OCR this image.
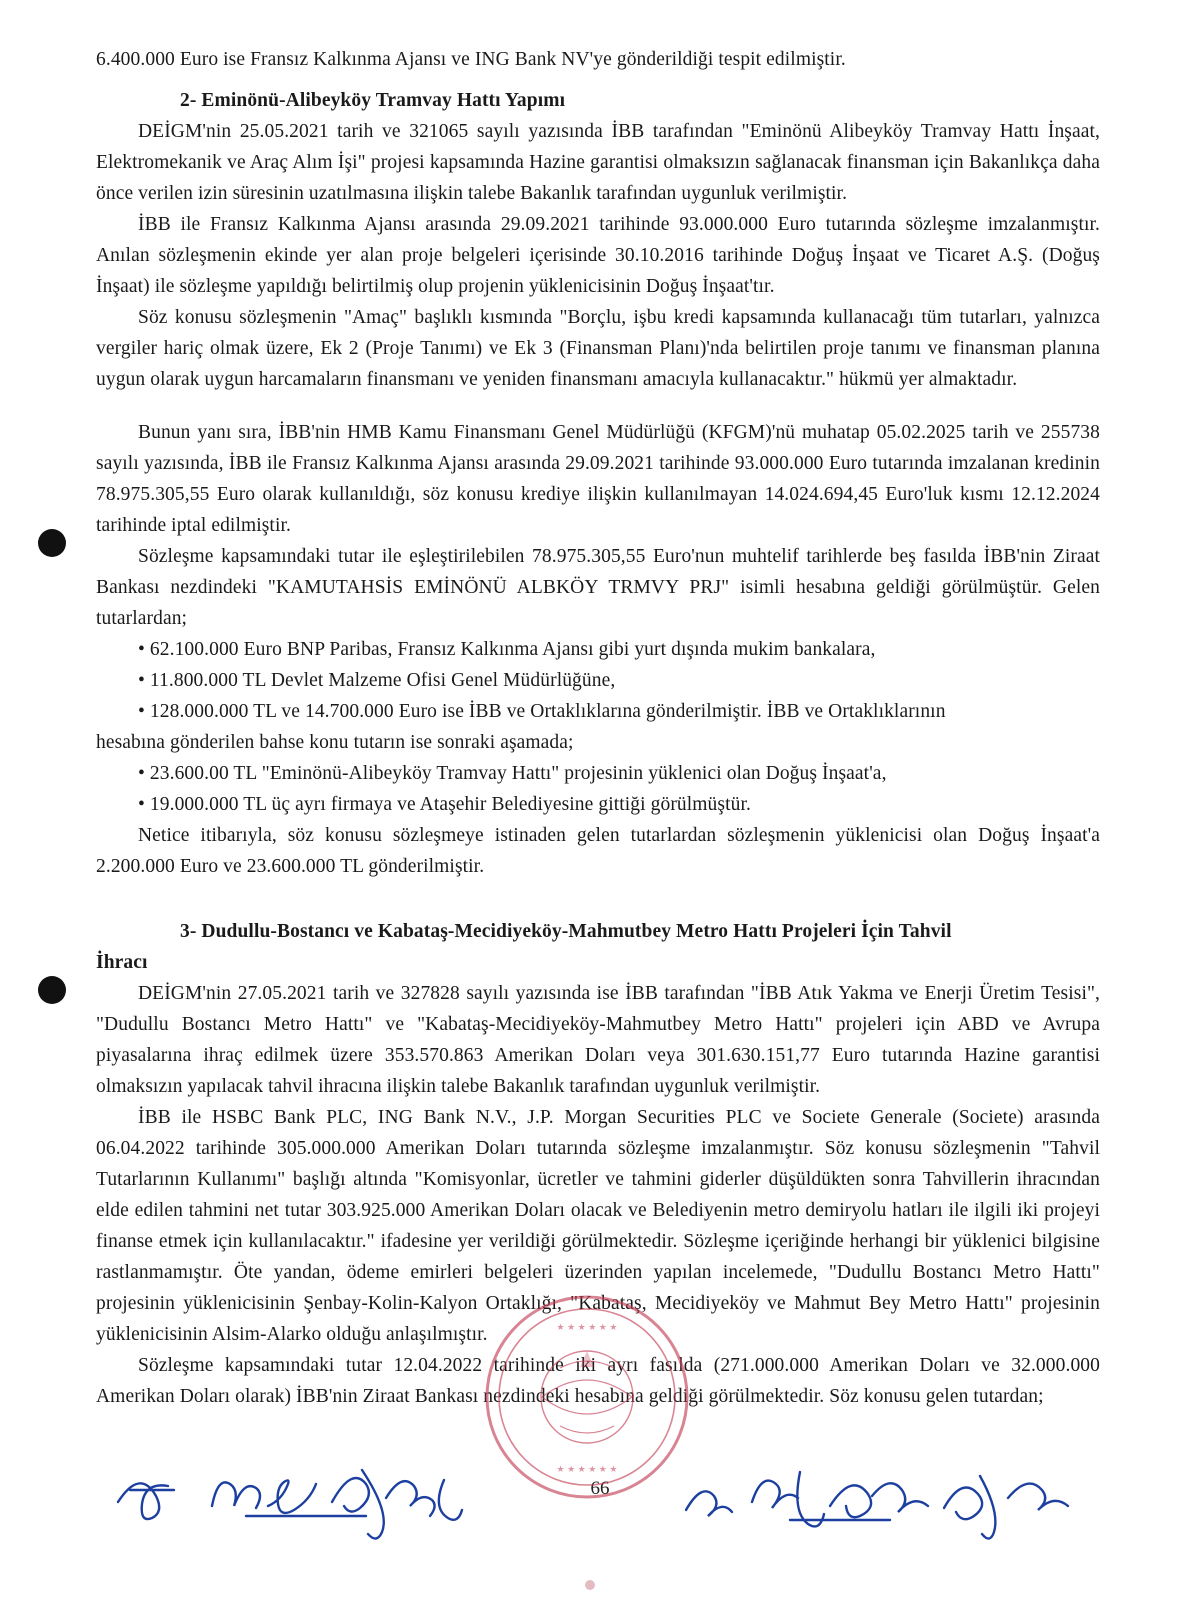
6.400.000 Euro ise Fransız Kalkınma Ajansı ve ING Bank NV'ye gönderildiği tespit edilmiştir.

2- Eminönü-Alibeyköy Tramvay Hattı Yapımı

DEİGM'nin 25.05.2021 tarih ve 321065 sayılı yazısında İBB tarafından "Eminönü Alibeyköy Tramvay Hattı İnşaat, Elektromekanik ve Araç Alım İşi" projesi kapsamında Hazine garantisi olmaksızın sağlanacak finansman için Bakanlıkça daha önce verilen izin süresinin uzatılmasına ilişkin talebe Bakanlık tarafından uygunluk verilmiştir.

İBB ile Fransız Kalkınma Ajansı arasında 29.09.2021 tarihinde 93.000.000 Euro tutarında sözleşme imzalanmıştır. Anılan sözleşmenin ekinde yer alan proje belgeleri içerisinde 30.10.2016 tarihinde Doğuş İnşaat ve Ticaret A.Ş. (Doğuş İnşaat) ile sözleşme yapıldığı belirtilmiş olup projenin yüklenicisinin Doğuş İnşaat'tır.

Söz konusu sözleşmenin "Amaç" başlıklı kısmında "Borçlu, işbu kredi kapsamında kullanacağı tüm tutarları, yalnızca vergiler hariç olmak üzere, Ek 2 (Proje Tanımı) ve Ek 3 (Finansman Planı)'nda belirtilen proje tanımı ve finansman planına uygun olarak uygun harcamaların finansmanı ve yeniden finansmanı amacıyla kullanacaktır." hükmü yer almaktadır.

Bunun yanı sıra, İBB'nin HMB Kamu Finansmanı Genel Müdürlüğü (KFGM)'nü muhatap 05.02.2025 tarih ve 255738 sayılı yazısında, İBB ile Fransız Kalkınma Ajansı arasında 29.09.2021 tarihinde 93.000.000 Euro tutarında imzalanan kredinin 78.975.305,55 Euro olarak kullanıldığı, söz konusu krediye ilişkin kullanılmayan 14.024.694,45 Euro'luk kısmı 12.12.2024 tarihinde iptal edilmiştir.

Sözleşme kapsamındaki tutar ile eşleştirilebilen 78.975.305,55 Euro'nun muhtelif tarihlerde beş fasılda İBB'nin Ziraat Bankası nezdindeki "KAMUTAHSİS EMİNÖNÜ ALBKÖY TRMVY PRJ" isimli hesabına geldiği görülmüştür. Gelen tutarlardan;

• 62.100.000 Euro BNP Paribas, Fransız Kalkınma Ajansı gibi yurt dışında mukim bankalara,

• 11.800.000 TL Devlet Malzeme Ofisi Genel Müdürlüğüne,

• 128.000.000 TL ve 14.700.000 Euro ise İBB ve Ortaklıklarına gönderilmiştir. İBB ve Ortaklıklarının

hesabına gönderilen bahse konu tutarın ise sonraki aşamada;

• 23.600.00 TL "Eminönü-Alibeyköy Tramvay Hattı" projesinin yüklenici olan Doğuş İnşaat'a,

• 19.000.000 TL üç ayrı firmaya ve Ataşehir Belediyesine gittiği görülmüştür.

Netice itibarıyla, söz konusu sözleşmeye istinaden gelen tutarlardan sözleşmenin yüklenicisi olan Doğuş İnşaat'a 2.200.000 Euro ve 23.600.000 TL gönderilmiştir.

3- Dudullu-Bostancı ve Kabataş-Mecidiyeköy-Mahmutbey Metro Hattı Projeleri İçin Tahvil
İhracı

DEİGM'nin 27.05.2021 tarih ve 327828 sayılı yazısında ise İBB tarafından "İBB Atık Yakma ve Enerji Üretim Tesisi", "Dudullu Bostancı Metro Hattı" ve "Kabataş-Mecidiyeköy-Mahmutbey Metro Hattı" projeleri için ABD ve Avrupa piyasalarına ihraç edilmek üzere 353.570.863 Amerikan Doları veya 301.630.151,77 Euro tutarında Hazine garantisi olmaksızın yapılacak tahvil ihracına ilişkin talebe Bakanlık tarafından uygunluk verilmiştir.

İBB ile HSBC Bank PLC, ING Bank N.V., J.P. Morgan Securities PLC ve Societe Generale (Societe) arasında 06.04.2022 tarihinde 305.000.000 Amerikan Doları tutarında sözleşme imzalanmıştır. Söz konusu sözleşmenin "Tahvil Tutarlarının Kullanımı" başlığı altında "Komisyonlar, ücretler ve tahmini giderler düşüldükten sonra Tahvillerin ihracından elde edilen tahmini net tutar 303.925.000 Amerikan Doları olacak ve Belediyenin metro demiryolu hatları ile ilgili iki projeyi finanse etmek için kullanılacaktır." ifadesine yer verildiği görülmektedir. Sözleşme içeriğinde herhangi bir yüklenici bilgisine rastlanmamıştır. Öte yandan, ödeme emirleri belgeleri üzerinden yapılan incelemede, "Dudullu Bostancı Metro Hattı" projesinin yüklenicisinin Şenbay-Kolin-Kalyon Ortaklığı, "Kabataş, Mecidiyeköy ve Mahmut Bey Metro Hattı" projesinin yüklenicisinin Alsim-Alarko olduğu anlaşılmıştır.

Sözleşme kapsamındaki tutar 12.04.2022 tarihinde iki ayrı fasılda (271.000.000 Amerikan Doları ve 32.000.000 Amerikan Doları olarak) İBB'nin Ziraat Bankası nezdindeki hesabına geldiği görülmektedir. Söz konusu gelen tutardan;

66
★ ★ ★ ★ ★ ★
★ ★ ★ ★ ★ ★
